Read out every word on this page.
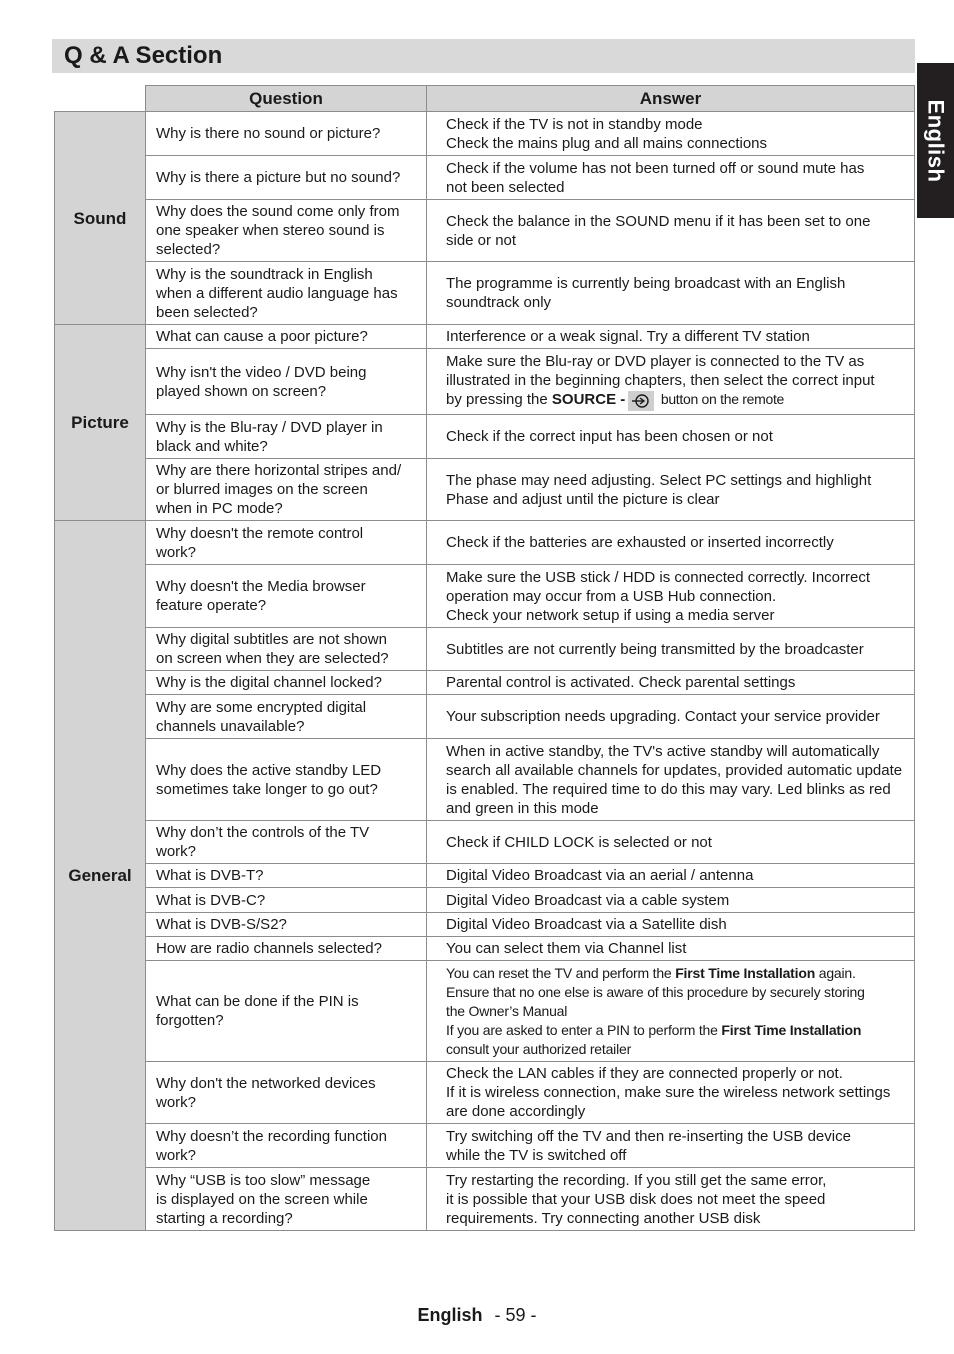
Q & A Section
English
	Question	Answer
Sound	Why is there no sound or picture?	Check if the TV is not in standby mode
Check the mains plug and all mains connections

	Why is there a picture but no sound?	Check if the volume has not been turned off or sound mute has
not been selected

	Why does the sound come only from
one speaker when stereo sound is
selected?	Check the balance in the SOUND menu if it has been set to one
side or not

	Why is the soundtrack in English
when a different audio language has
been selected?	The programme is currently being broadcast with an English
soundtrack only

Picture	What can cause a poor picture?	Interference or a weak signal. Try a different TV station

	Why isn't the video / DVD being
played shown on screen?	Make sure the Blu-ray or DVD player is connected to the TV as
illustrated in the beginning chapters, then select the correct input
by pressing the SOURCE - button on the remote

	Why is the Blu-ray / DVD player in
black and white?	Check if the correct input has been chosen or not

	Why are there horizontal stripes and/
or blurred images on the screen
when in PC mode?	The phase may need adjusting. Select PC settings and highlight
Phase and adjust until the picture is clear

General	Why doesn't the remote control
work?	Check if the batteries are exhausted or inserted incorrectly

	Why doesn't the Media browser
feature operate?	Make sure the USB stick / HDD is connected correctly. Incorrect
operation may occur from a USB Hub connection.
Check your network setup if using a media server

	Why digital subtitles are not shown
on screen when they are selected?	Subtitles are not currently being transmitted by the broadcaster

	Why is the digital channel locked?	Parental control is activated. Check parental settings

	Why are some encrypted digital
channels unavailable?	Your subscription needs upgrading. Contact your service provider

	Why does the active standby LED
sometimes take longer to go out?	When in active standby, the TV's active standby will automatically
search all available channels for updates, provided automatic update
is enabled. The required time to do this may vary. Led blinks as red
and green in this mode

	Why don’t the controls of the TV
work?	Check if CHILD LOCK is selected or not

	What is DVB-T?	Digital Video Broadcast via an aerial / antenna

	What is DVB-C?	Digital Video Broadcast via a cable system

	What is DVB-S/S2?	Digital Video Broadcast via a Satellite dish

	How are radio channels selected?	You can select them via Channel list

	What can be done if the PIN is
forgotten?	You can reset the TV and perform the First Time Installation again.
Ensure that no one else is aware of this procedure by securely storing
the Owner’s Manual
If you are asked to enter a PIN to perform the First Time Installation
consult your authorized retailer

	Why don't the networked devices
work?	Check the LAN cables if they are connected properly or not.
If it is wireless connection, make sure the wireless network settings
are done accordingly

	Why doesn’t the recording function
work?	Try switching off the TV and then re-inserting the USB device
while the TV is switched off

	Why “USB is too slow” message
is displayed on the screen while
starting a recording?	Try restarting the recording. If you still get the same error,
it is possible that your USB disk does not meet the speed
requirements. Try connecting another USB disk
English - 59 -
